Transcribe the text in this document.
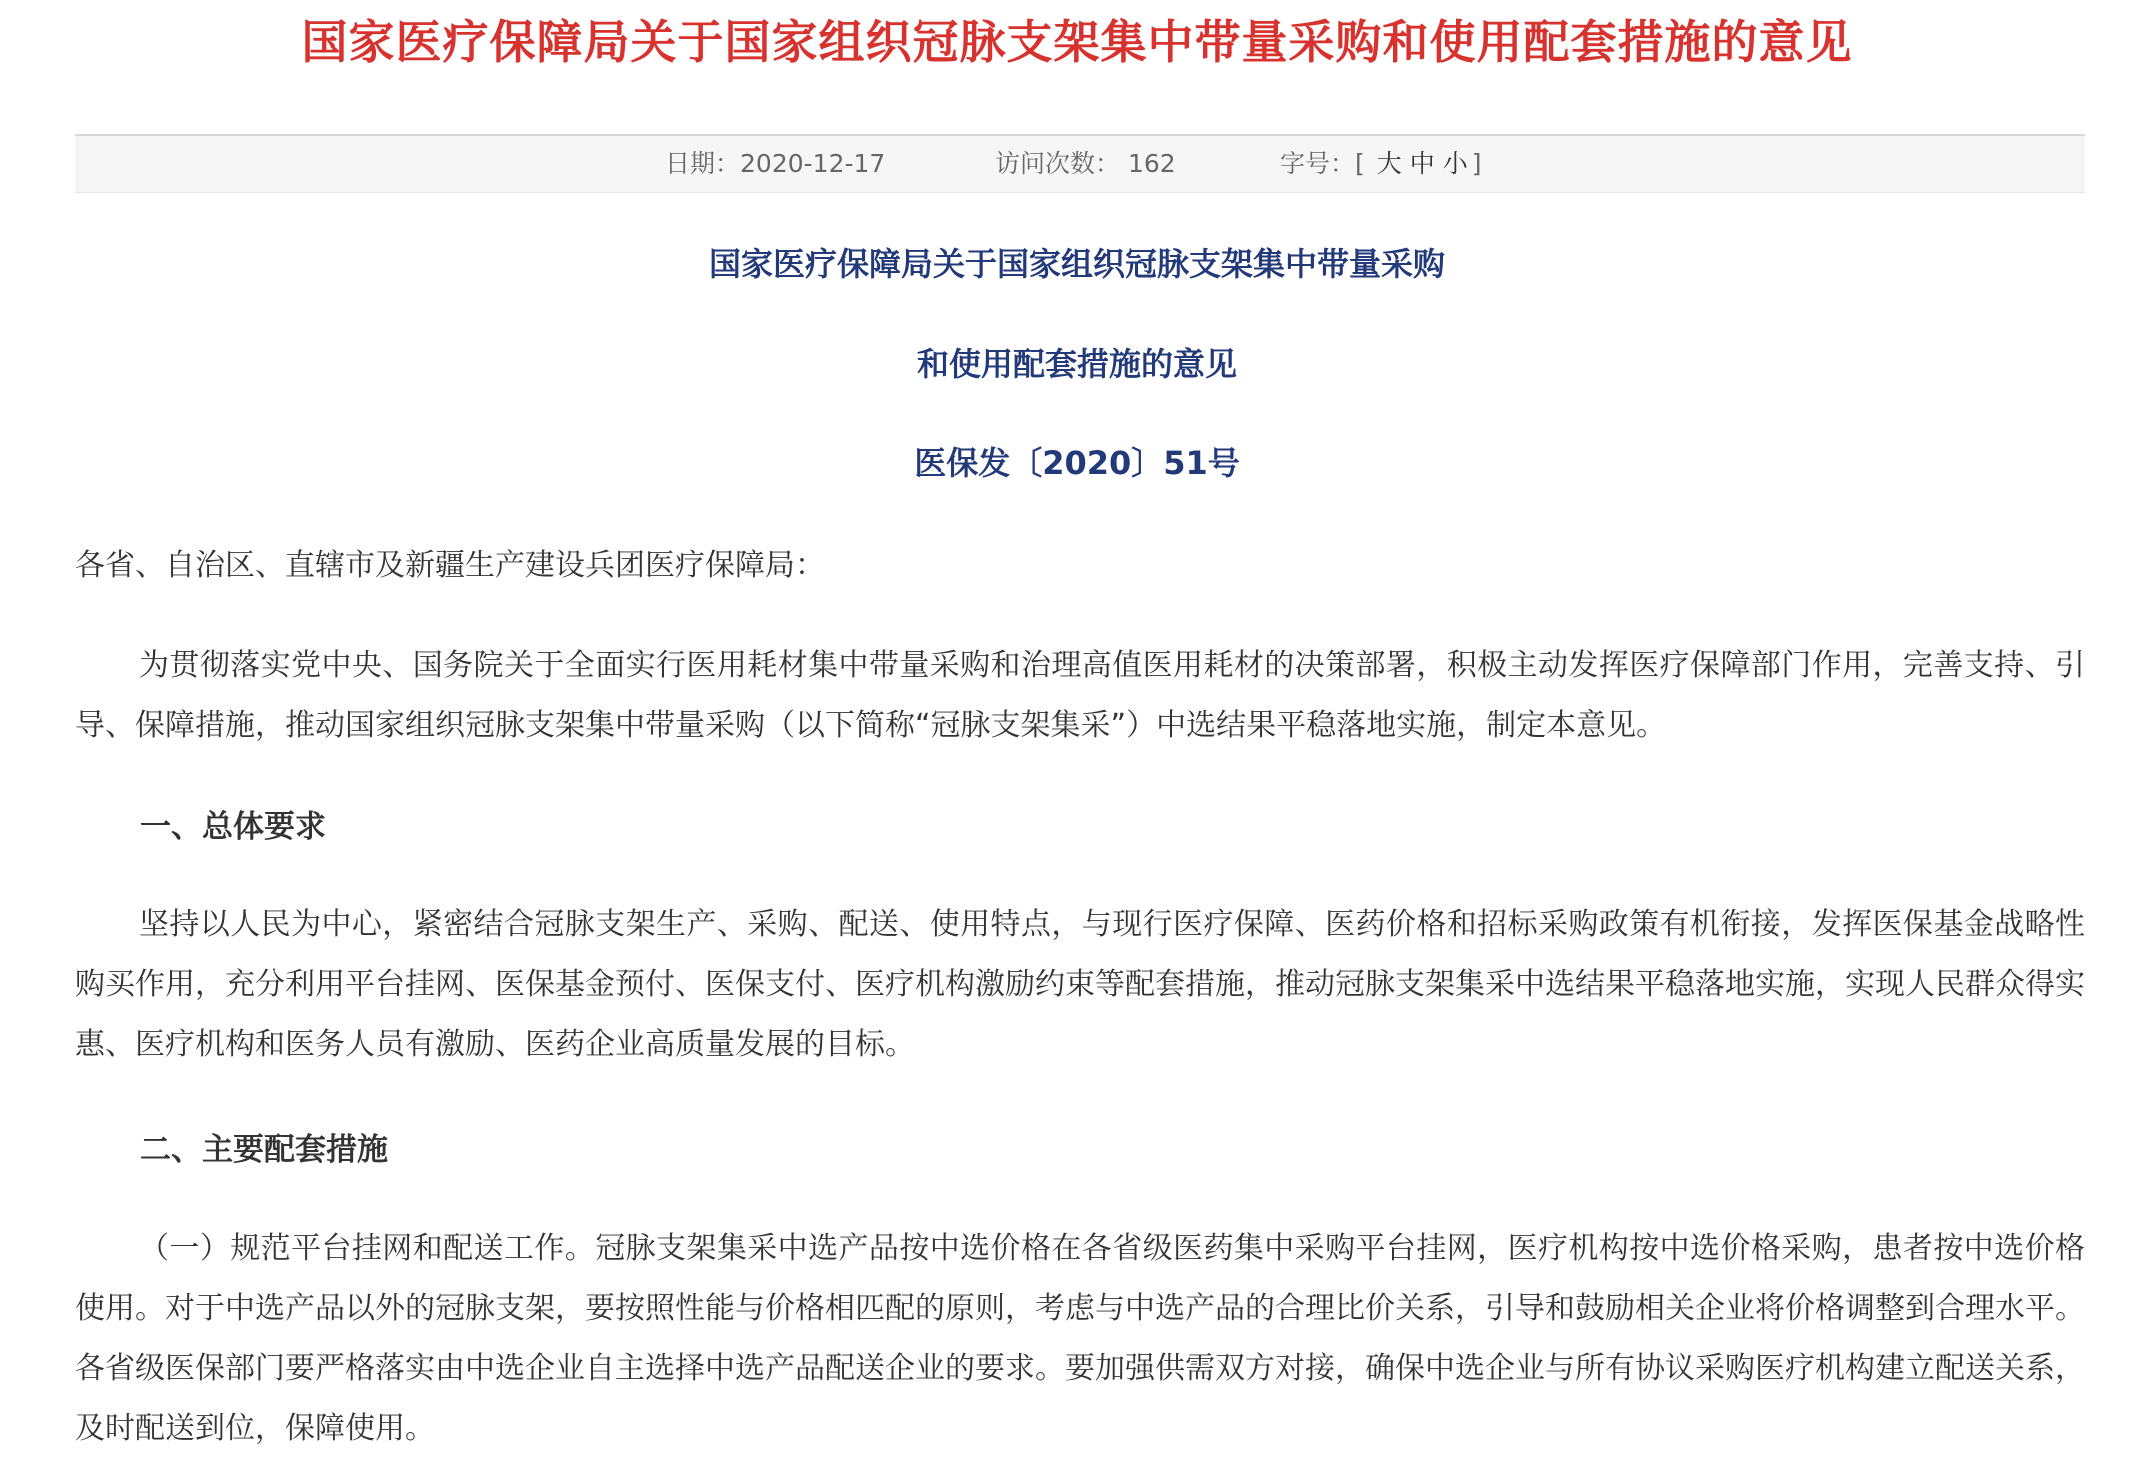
国家医疗保障局关于国家组织冠脉支架集中带量采购和使用配套措施的意见
日期：2020-12-17	访问次数： 162	字号：[ 大 中 小 ]
国家医疗保障局关于国家组织冠脉支架集中带量采购
和使用配套措施的意见
医保发〔2020〕51号
各省、自治区、直辖市及新疆生产建设兵团医疗保障局：
为贯彻落实党中央、国务院关于全面实行医用耗材集中带量采购和治理高值医用耗材的决策部署，积极主动发挥医疗保障部门作用，完善支持、引导、保障措施，推动国家组织冠脉支架集中带量采购（以下简称“冠脉支架集采”）中选结果平稳落地实施，制定本意见。
一、总体要求
坚持以人民为中心，紧密结合冠脉支架生产、采购、配送、使用特点，与现行医疗保障、医药价格和招标采购政策有机衔接，发挥医保基金战略性购买作用，充分利用平台挂网、医保基金预付、医保支付、医疗机构激励约束等配套措施，推动冠脉支架集采中选结果平稳落地实施，实现人民群众得实惠、医疗机构和医务人员有激励、医药企业高质量发展的目标。
二、主要配套措施
（一）规范平台挂网和配送工作。冠脉支架集采中选产品按中选价格在各省级医药集中采购平台挂网，医疗机构按中选价格采购，患者按中选价格使用。对于中选产品以外的冠脉支架，要按照性能与价格相匹配的原则，考虑与中选产品的合理比价关系，引导和鼓励相关企业将价格调整到合理水平。各省级医保部门要严格落实由中选企业自主选择中选产品配送企业的要求。要加强供需双方对接，确保中选企业与所有协议采购医疗机构建立配送关系，及时配送到位，保障使用。
